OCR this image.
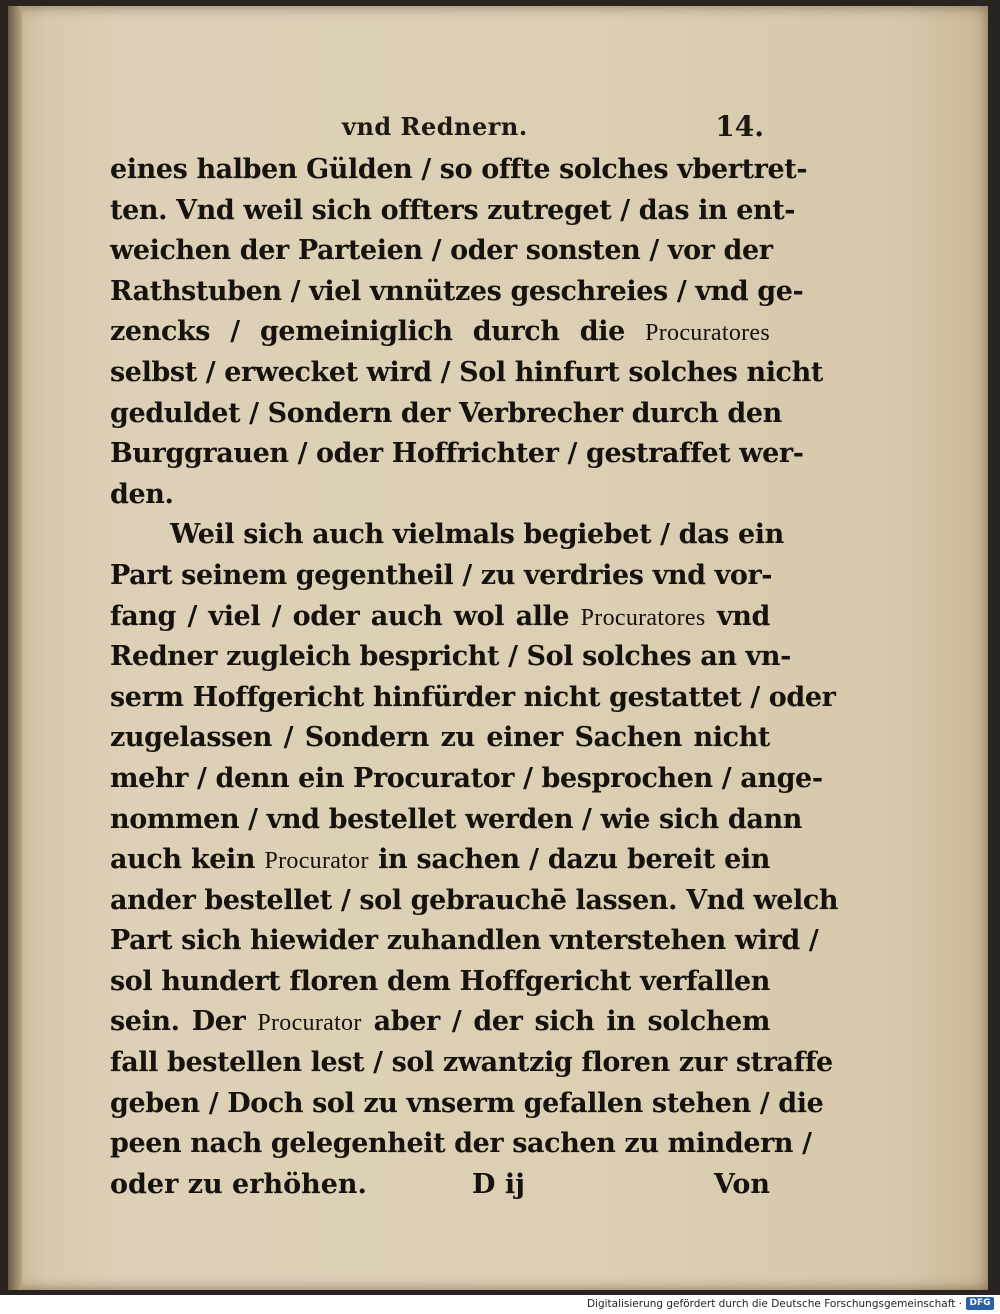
vnd Rednern.	14.
eines halben Gülden / so offte solches vbertret-
ten. Vnd weil sich offters zutreget / das in ent-
weichen der Parteien / oder sonsten / vor der
Rathstuben / viel vnnützes geschreies / vnd ge-
zencks / gemeiniglich durch die Procuratores
selbst / erwecket wird / Sol hinfurt solches nicht
geduldet / Sondern der Verbrecher durch den
Burggrauen / oder Hoffrichter / gestraffet wer-
den.
Weil sich auch vielmals begiebet / das ein
Part seinem gegentheil / zu verdries vnd vor-
fang / viel / oder auch wol alle Procuratores vnd
Redner zugleich bespricht / Sol solches an vn-
serm Hoffgericht hinfürder nicht gestattet / oder
zugelassen / Sondern zu einer Sachen nicht
mehr / denn ein Procurator / besprochen / ange-
nommen / vnd bestellet werden / wie sich dann
auch kein Procurator in sachen / dazu bereit ein
ander bestellet / sol gebrauchē lassen. Vnd welch
Part sich hiewider zuhandlen vnterstehen wird /
sol hundert floren dem Hoffgericht verfallen
sein. Der Procurator aber / der sich in solchem
fall bestellen lest / sol zwantzig floren zur straffe
geben / Doch sol zu vnserm gefallen stehen / die
peen nach gelegenheit der sachen zu mindern /
oder zu erhöhen.	D ij	Von
Digitalisierung gefördert durch die Deutsche Forschungsgemeinschaft · DFG
